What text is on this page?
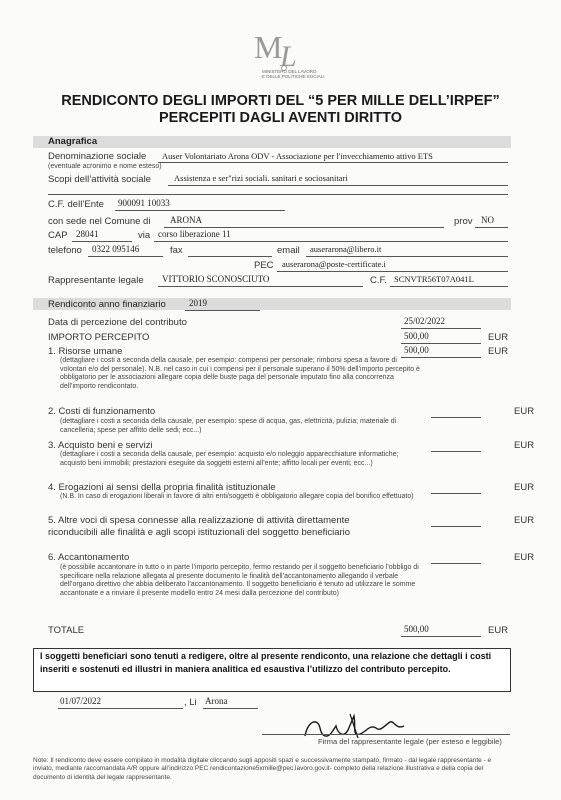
M
L
MINISTERO DEL LAVORO
E DELLE POLITICHE SOCIALI
RENDICONTO DEGLI IMPORTI DEL “5 PER MILLE DELL’IRPEF”
PERCEPITI DAGLI AVENTI DIRITTO
Anagrafica
Denominazione sociale Auser Volontariato Arona ODV - Associazione per l'invecchiamento attivo ETS
(eventuale acronimo e nome esteso)
Scopi dell’attività sociale	Assistenza e ser"rizi sociali. sanitari e sociosanitari
C.F. dell’Ente 900091 10033
con sede nel Comune di ARONA	prov NO
CAP 28041	via corso liberazione 11
telefono 0322 095146	fax	email auserarona@libero.it
PEC auserarona@poste-certificate.i
Rappresentante legale VITTORIO SCONOSCIUTO	C.F. SCNVTR56T07A041L
Rendiconto anno finanziario	2019
Data di percezione del contributo	25/02/2022
IMPORTO PERCEPITO	500,00	EUR
1. Risorse umane	500,00	EUR
(dettagliare i costi a seconda della causale, per esempio: compensi per personale; rimborsi spesa a favore di volontari e/o del personale). N.B. nel caso in cui i compensi per il personale superano il 50% dell’importo percepito è obbligatorio per le associazioni allegare copia delle buste paga del personale imputato fino alla concorrenza dell’importo rendicontato.
2. Costi di funzionamento	EUR
(dettagliare i costi a seconda della causale, per esempio: spese di acqua, gas, elettricità, pulizia; materiale di cancelleria; spese per affitto delle sedi; ecc...)
3. Acquisto beni e servizi	EUR
(dettagliare i costi a seconda della causale, per esempio: acquisto e/o noleggio apparecchiature informatiche; acquisto beni immobili; prestazioni eseguite da soggetti esterni all’ente; affitto locali per eventi; ecc...)
4. Erogazioni ai sensi della propria finalità istituzionale	EUR
(N.B. In caso di erogazioni liberali in favore di altri enti/soggetti è obbligatorio allegare copia del bonifico effettuato)
5. Altre voci di spesa connesse alla realizzazione di attività direttamente riconducibili alle finalità e agli scopi istituzionali del soggetto beneficiario
EUR
6. Accantonamento	EUR
(è possibile accantonare in tutto o in parte l’importo percepito, fermo restando per il soggetto beneficiario l’obbligo di specificare nella relazione allegata al presente documento le finalità dell’accantonamento allegando il verbale dell’organo direttivo che abbia deliberato l’accantonamento. Il soggetto beneficiario è tenuto ad utilizzare le somme accantonate e a rinviare il presente modello entro 24 mesi dalla percezione del contributo)
TOTALE	500,00	EUR
I soggetti beneficiari sono tenuti a redigere, oltre al presente rendiconto, una relazione che dettagli i costi inseriti e sostenuti ed illustri in maniera analitica ed esaustiva l’utilizzo del contributo percepito.
01/07/2022	, Li Arona
Firma del rappresentante legale (per esteso e leggibile)
Note: Il rendiconto deve essere compilato in modalità digitale cliccando sugli appositi spazi e successivamente stampato, firmato - dal legale rappresentante - e inviato, mediante raccomandata A/R oppure all’indirizzo PEC rendicontazione5xmille@pec.lavoro.gov.it- completo della relazione illustrativa e della copia del documento di identità del legale rappresentante.
